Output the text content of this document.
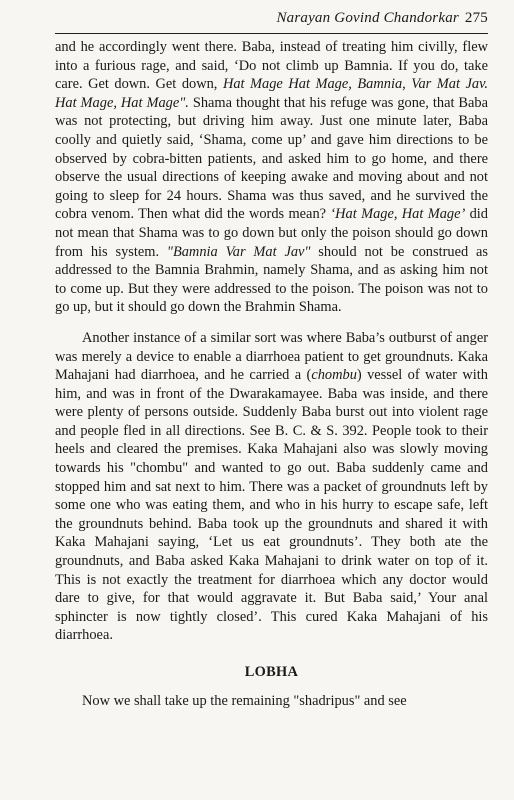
Narayan Govind Chandorkar 275

and he accordingly went there. Baba, instead of treating him civilly, flew into a furious rage, and said, ‘Do not climb up Bamnia. If you do, take care. Get down. Get down, Hat Mage Hat Mage, Bamnia, Var Mat Jav. Hat Mage, Hat Mage". Shama thought that his refuge was gone, that Baba was not protecting, but driving him away. Just one minute later, Baba coolly and quietly said, ‘Shama, come up’ and gave him directions to be observed by cobra-bitten patients, and asked him to go home, and there observe the usual directions of keeping awake and moving about and not going to sleep for 24 hours. Shama was thus saved, and he survived the cobra venom. Then what did the words mean? ‘Hat Mage, Hat Mage’ did not mean that Shama was to go down but only the poison should go down from his system. "Bamnia Var Mat Jav" should not be construed as addressed to the Bamnia Brahmin, namely Shama, and as asking him not to come up. But they were addressed to the poison. The poison was not to go up, but it should go down the Brahmin Shama.

Another instance of a similar sort was where Baba’s outburst of anger was merely a device to enable a diarrhoea patient to get groundnuts. Kaka Mahajani had diarrhoea, and he carried a (chombu) vessel of water with him, and was in front of the Dwarakamayee. Baba was inside, and there were plenty of persons outside. Suddenly Baba burst out into violent rage and people fled in all directions. See B. C. & S. 392. People took to their heels and cleared the premises. Kaka Mahajani also was slowly moving towards his "chombu" and wanted to go out. Baba suddenly came and stopped him and sat next to him. There was a packet of groundnuts left by some one who was eating them, and who in his hurry to escape safe, left the groundnuts behind. Baba took up the groundnuts and shared it with Kaka Mahajani saying, ‘Let us eat groundnuts’. They both ate the groundnuts, and Baba asked Kaka Mahajani to drink water on top of it. This is not exactly the treatment for diarrhoea which any doctor would dare to give, for that would aggravate it. But Baba said,’ Your anal sphincter is now tightly closed’. This cured Kaka Mahajani of his diarrhoea.

LOBHA

Now we shall take up the remaining "shadripus" and see
